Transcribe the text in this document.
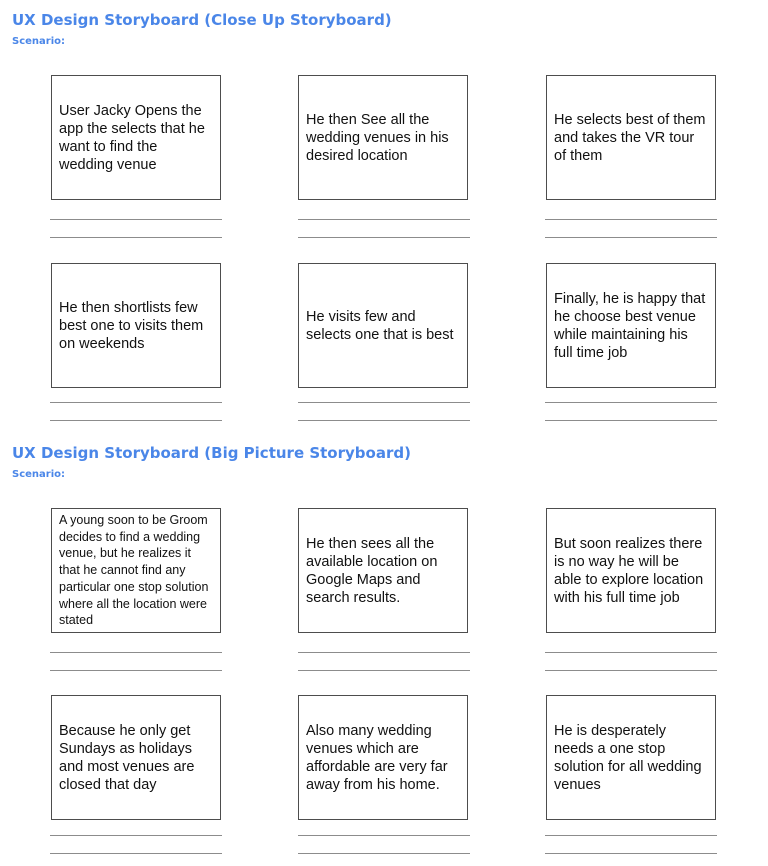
UX Design Storyboard (Close Up Storyboard)
Scenario:
User Jacky Opens the app the selects that he want to find the wedding venue
He then See all the wedding venues in his desired location
He selects best of them and takes the VR tour of them
He then shortlists few best one to visits them on weekends
He visits few and selects one that is best
Finally, he is happy that he choose best venue while maintaining his full time job
UX Design Storyboard (Big Picture Storyboard)
Scenario:
A young soon to be Groom decides to find a wedding venue, but he realizes it that he cannot find any particular one stop solution where all the location were stated
He then sees all the available location on Google Maps and search results.
But soon realizes there is no way he will be able to explore location with his full time job
Because he only get Sundays as holidays and most venues are closed that day
Also many wedding venues which are affordable are very far away from his home.
He is desperately needs a one stop solution for all wedding venues
